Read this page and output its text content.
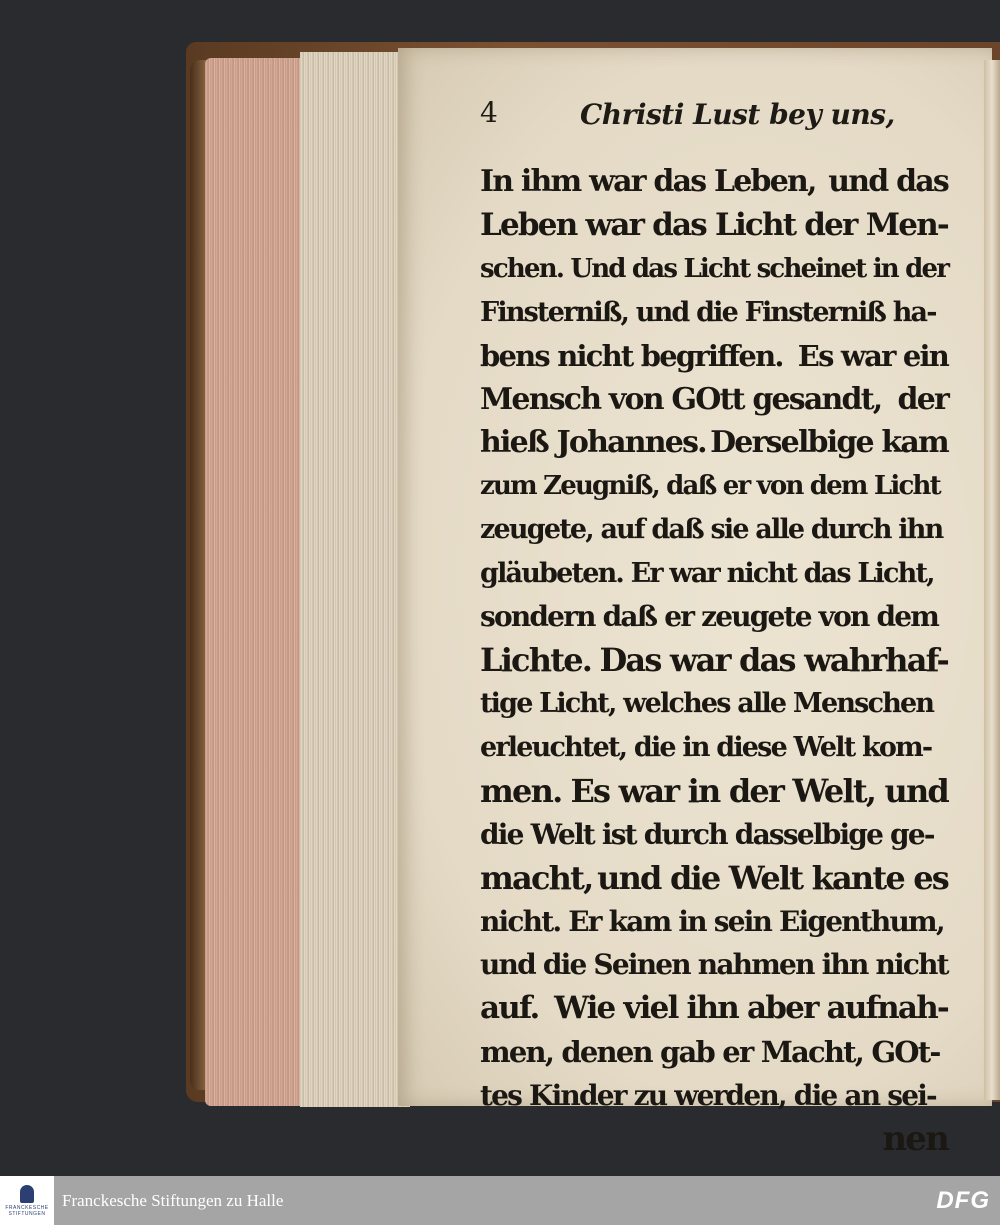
4	Christi Lust bey uns,
In ihm war das Leben, und das
Leben war das Licht der Men-
schen. Und das Licht scheinet in der
Finsterniß, und die Finsterniß ha-
bens nicht begriffen. Es war ein
Mensch von GOtt gesandt, der
hieß Johannes. Derselbige kam
zum Zeugniß, daß er von dem Licht
zeugete, auf daß sie alle durch ihn
gläubeten. Er war nicht das Licht,
sondern daß er zeugete von dem
Lichte. Das war das wahrhaf-
tige Licht, welches alle Menschen
erleuchtet, die in diese Welt kom-
men. Es war in der Welt, und
die Welt ist durch dasselbige ge-
macht, und die Welt kante es
nicht. Er kam in sein Eigenthum,
und die Seinen nahmen ihn nicht
auf. Wie viel ihn aber aufnah-
men, denen gab er Macht, GOt-
tes Kinder zu werden, die an sei-
nen
FRANCKESCHE STIFTUNGEN
Franckesche Stiftungen zu Halle	DFG
